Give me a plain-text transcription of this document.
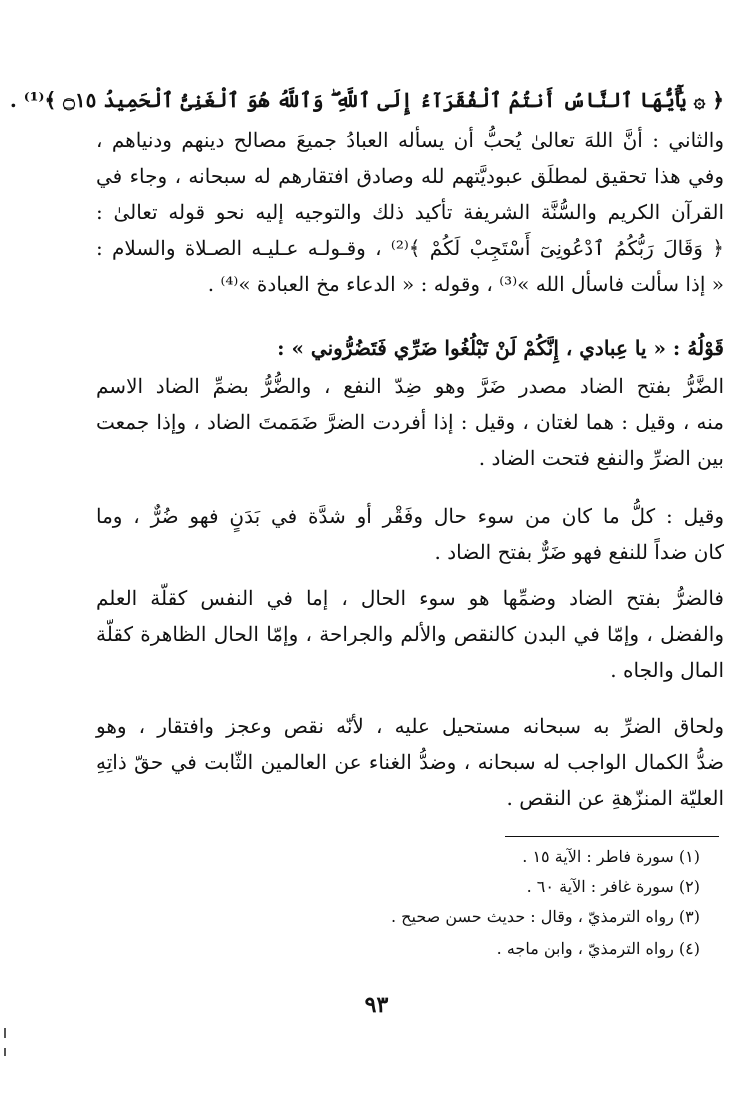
﴿ ۞ يَٰٓأَيُّهَا ٱلنَّاسُ أَنتُمُ ٱلْفُقَرَآءُ إِلَى ٱللَّهِ ۖ وَٱللَّهُ هُوَ ٱلْغَنِىُّ ٱلْحَمِيدُ ۝١٥ ﴾⁽¹⁾ .
والثاني : أنَّ اللهَ تعالىٰ يُحبُّ أن يسأله العبادُ جميعَ مصالح دينهم ودنياهم ،
وفي هذا تحقيق لمطلَق عبوديَّتهم لله وصادق افتقارهم له سبحانه ، وجاء في
القرآن الكريم والسُّنَّة الشريفة تأكيد ذلك والتوجيه إليه نحو قوله تعالىٰ :
﴿ وَقَالَ رَبُّكُمُ ٱدْعُونِىٓ أَسْتَجِبْ لَكُمْ ﴾⁽²⁾ ، وقـولـه عـليـه الصـلاة والسلام :
« إذا سألت فاسأل الله »⁽³⁾ ، وقوله : « الدعاء مخ العبادة »⁽⁴⁾ .
قَوْلُهُ : « يا عِبادي ، إِنَّكُمْ لَنْ تَبْلُغُوا ضَرِّي فَتَضُرُّوني » :
الضَّرُّ بفتح الضاد مصدر ضَرَّ وهو ضِدّ النفع ، والضُّرُّ بضمِّ الضاد الاسم
منه ، وقيل : هما لغتان ، وقيل : إذا أفردت الضرَّ ضَمَمتَ الضاد ، وإذا جمعت
بين الضرِّ والنفع فتحت الضاد .
وقيل : كلُّ ما كان من سوء حال وفَقْر أو شدَّة في بَدَنٍ فهو ضُرٌّ ، وما
كان ضداً للنفع فهو ضَرٌّ بفتح الضاد .
فالضرُّ بفتح الضاد وضمِّها هو سوء الحال ، إما في النفس كقلّة العلم
والفضل ، وإمّا في البدن كالنقص والألم والجراحة ، وإمّا الحال الظاهرة كقلّة
المال والجاه .
ولحاق الضرِّ به سبحانه مستحيل عليه ، لأنّه نقص وعجز وافتقار ، وهو
ضدُّ الكمال الواجب له سبحانه ، وضدُّ الغناء عن العالمين الثّابت في حقّ ذاتِهِ
العليّة المنزّهةِ عن النقص .
(١) سورة فاطر : الآية ١٥ .
(٢) سورة غافر : الآية ٦٠ .
(٣) رواه الترمذيّ ، وقال : حديث حسن صحيح .
(٤) رواه الترمذيّ ، وابن ماجه .
٩٣
